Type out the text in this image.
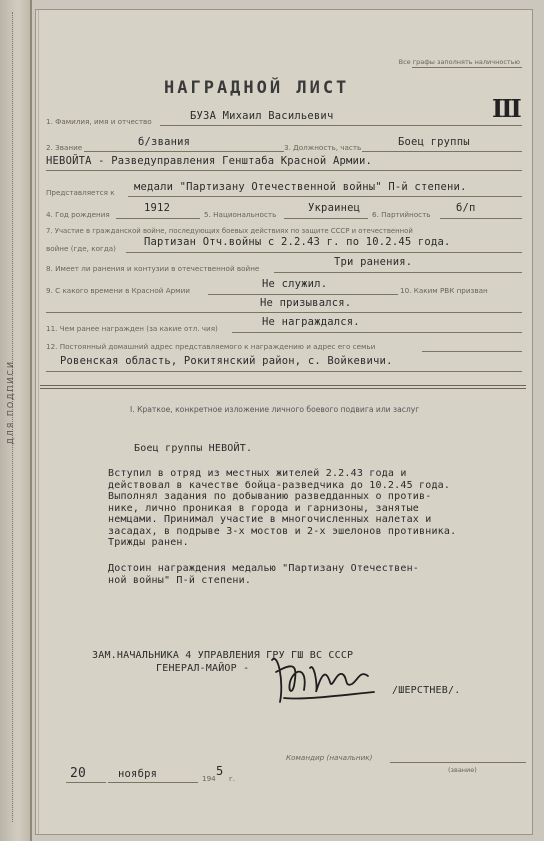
ДЛЯ ПОДПИСИ
Все графы заполнять наличностью
НАГРАДНОЙ ЛИСТ
III
1. Фамилия, имя и отчество	БУЗА Михаил Васильевич
2. Звание	б/звания	3. Должность, часть	Боец группы
НЕВОЙТА - Разведуправления Генштаба Красной Армии.
Представляется к медали "Партизану Отечественной войны" П-й степени.
4. Год рождения
1912
5. Национальность
Украинец
6. Партийность
б/п
7. Участие в гражданской войне, последующих боевых действиях по защите СССР и отечественной
войне (где, когда)
Партизан Отч.войны с 2.2.43 г. по 10.2.45 года.
8. Имеет ли ранения и контузии в отечественной войне
Три ранения.
9. С какого времени в Красной Армии
Не служил.
10. Каким РВК призван
Не призывался.
11. Чем ранее награжден (за какие отл. чия)
Не награждался.
12. Постоянный домашний адрес представляемого к награждению и адрес его семьи
Ровенская область, Рокитянский район, с. Войкевичи.
I. Краткое, конкретное изложение личного боевого подвига или заслуг
Боец группы НЕВОЙТ.
Вступил в отряд из местных жителей 2.2.43 года и
действовал в качестве бойца-разведчика до 10.2.45 года.
Выполнял задания по добыванию разведданных о против-
нике, лично проникая в города и гарнизоны, занятые
немцами. Принимал участие в многочисленных налетах и
засадах, в подрыве 3-х мостов и 2-х эшелонов противника.
Трижды ранен.
Достоин награждения медалью "Партизану Отечествен-
ной войны" П-й степени.
ЗАМ.НАЧАЛЬНИКА 4 УПРАВЛЕНИЯ ГРУ ГШ ВС СССР
ГЕНЕРАЛ-МАЙОР -
/ШЕРСТНЕВ/.
Командир (начальник)
(звание)
20	ноября	194
5
г.
